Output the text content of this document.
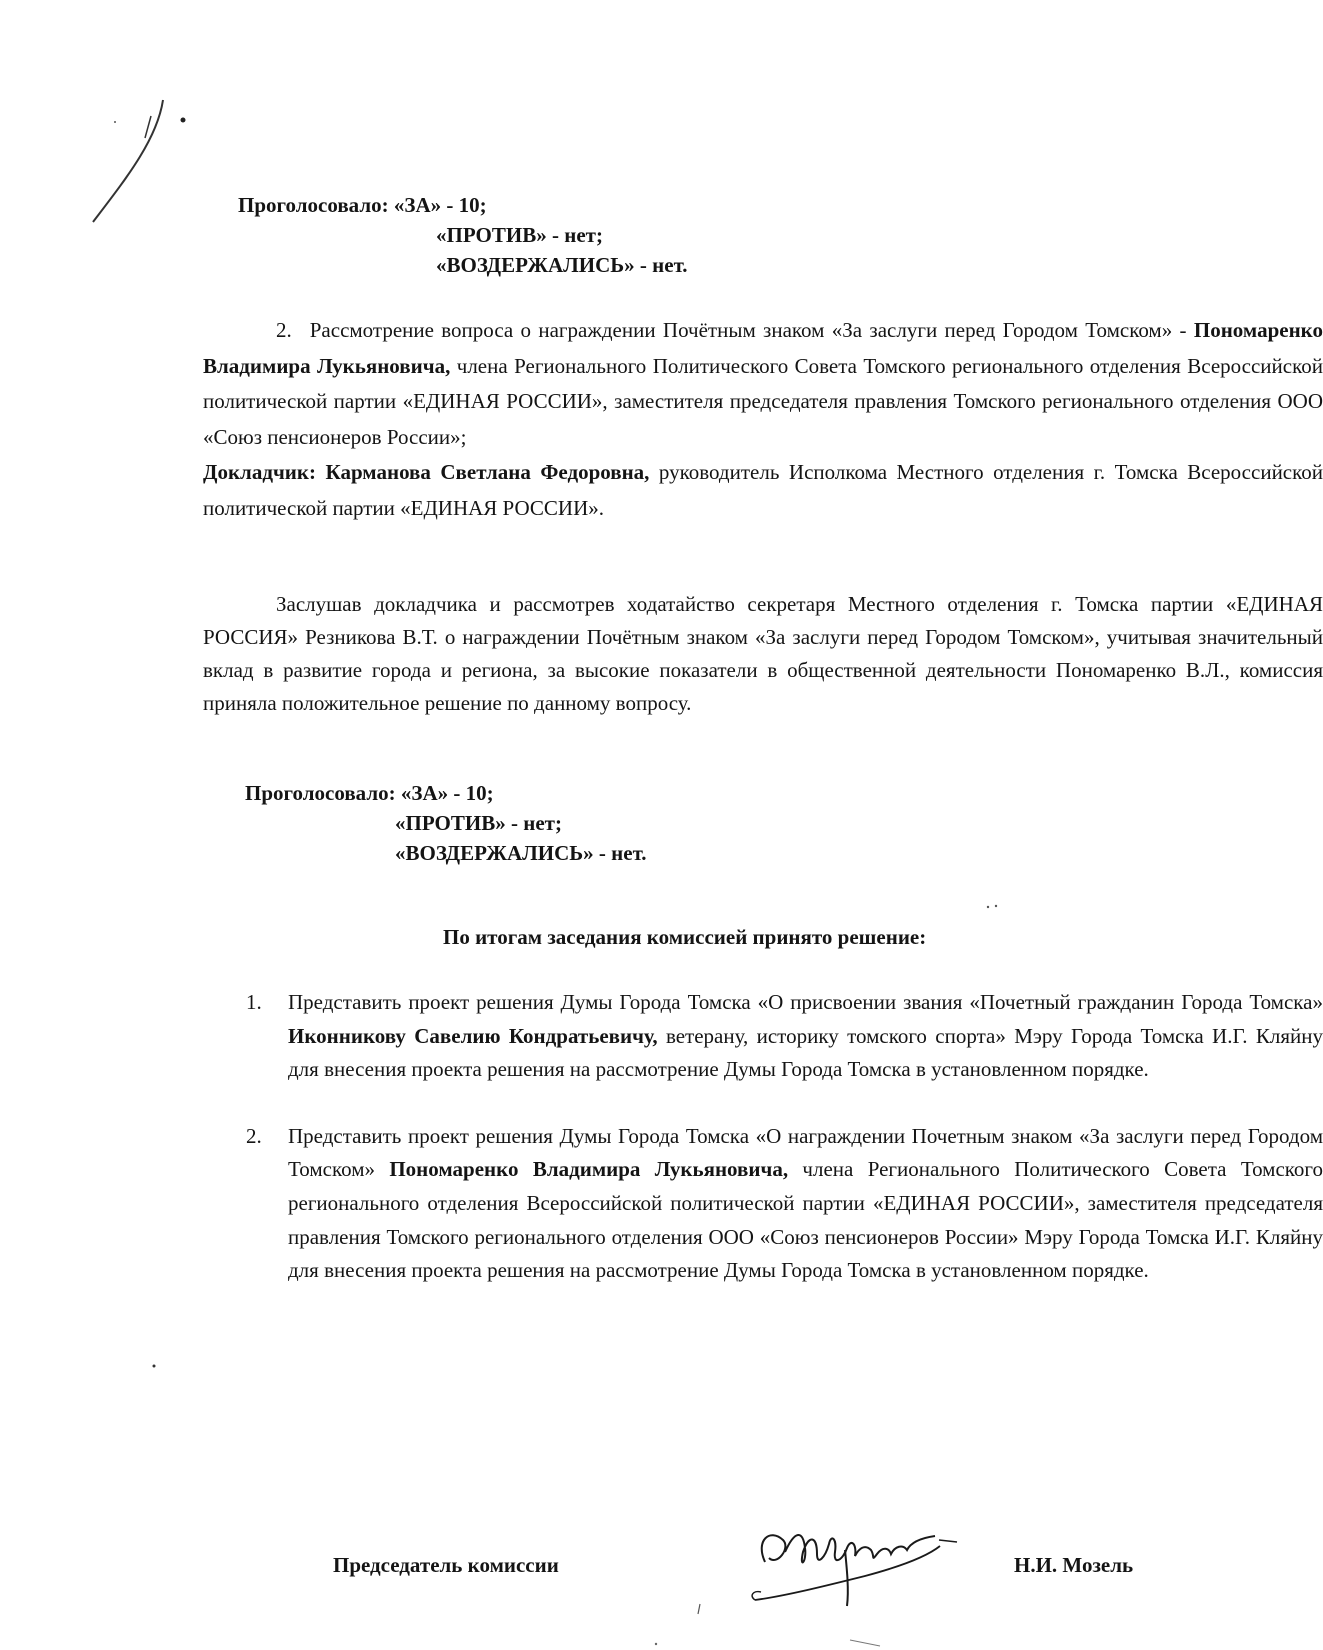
Проголосовало: «ЗА» - 10;
«ПРОТИВ» - нет;
«ВОЗДЕРЖАЛИСЬ» - нет.

2. Рассмотрение вопроса о награждении Почётным знаком «За заслуги перед Городом Томском» - Пономаренко Владимира Лукьяновича, члена Регионального Политического Совета Томского регионального отделения Всероссийской политической партии «ЕДИНАЯ РОССИИ», заместителя председателя правления Томского регионального отделения ООО «Союз пенсионеров России»;

Докладчик: Карманова Светлана Федоровна, руководитель Исполкома Местного отделения г. Томска Всероссийской политической партии «ЕДИНАЯ РОССИИ».

Заслушав докладчика и рассмотрев ходатайство секретаря Местного отделения г. Томска партии «ЕДИНАЯ РОССИЯ» Резникова В.Т. о награждении Почётным знаком «За заслуги перед Городом Томском», учитывая значительный вклад в развитие города и региона, за высокие показатели в общественной деятельности Пономаренко В.Л., комиссия приняла положительное решение по данному вопросу.

Проголосовало: «ЗА» - 10;
«ПРОТИВ» - нет;
«ВОЗДЕРЖАЛИСЬ» - нет.
По итогам заседания комиссией принято решение:
1. Представить проект решения Думы Города Томска «О присвоении звания «Почетный гражданин Города Томска» Иконникову Савелию Кондратьевичу, ветерану, историку томского спорта» Мэру Города Томска И.Г. Кляйну для внесения проекта решения на рассмотрение Думы Города Томска в установленном порядке.
2. Представить проект решения Думы Города Томска «О награждении Почетным знаком «За заслуги перед Городом Томском» Пономаренко Владимира Лукьяновича, члена Регионального Политического Совета Томского регионального отделения Всероссийской политической партии «ЕДИНАЯ РОССИИ», заместителя председателя правления Томского регионального отделения ООО «Союз пенсионеров России» Мэру Города Томска И.Г. Кляйну для внесения проекта решения на рассмотрение Думы Города Томска в установленном порядке.
Председатель комиссии	Н.И. Мозель
